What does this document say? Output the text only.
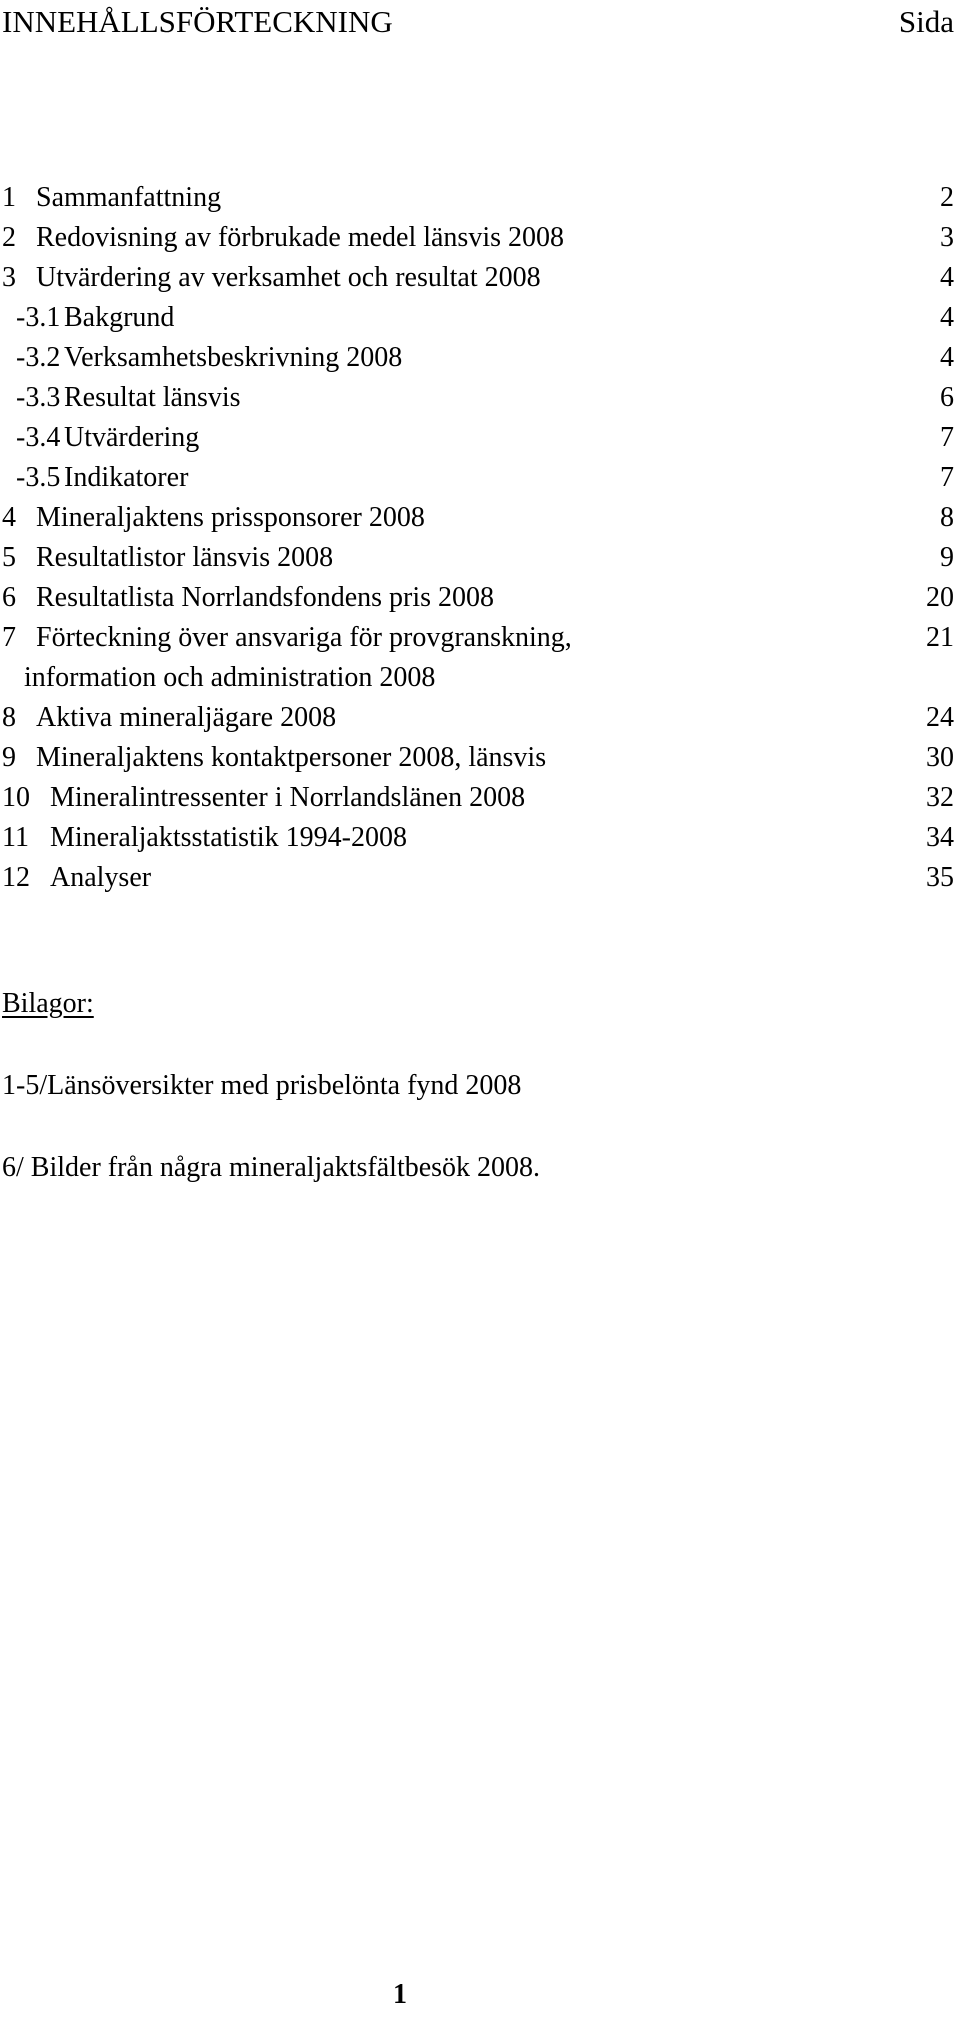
INNEHÅLLSFÖRTECKNING	Sida
1 Sammanfattning	2
2 Redovisning av förbrukade medel länsvis 2008	3
3 Utvärdering av verksamhet och resultat 2008	4
-3.1 Bakgrund	4
-3.2 Verksamhetsbeskrivning 2008	4
-3.3 Resultat länsvis	6
-3.4 Utvärdering	7
-3.5 Indikatorer	7
4 Mineraljaktens prissponsorer 2008	8
5 Resultatlistor länsvis 2008	9
6 Resultatlista Norrlandsfondens pris 2008	20
7 Förteckning över ansvariga för provgranskning,	21
information och administration 2008
8 Aktiva mineraljägare 2008	24
9 Mineraljaktens kontaktpersoner 2008, länsvis	30
10 Mineralintressenter i Norrlandslänen 2008	32
11 Mineraljaktsstatistik 1994-2008	34
12 Analyser	35
Bilagor:
1-5/Länsöversikter med prisbelönta fynd 2008
6/ Bilder från några mineraljaktsfältbesök 2008.
1
